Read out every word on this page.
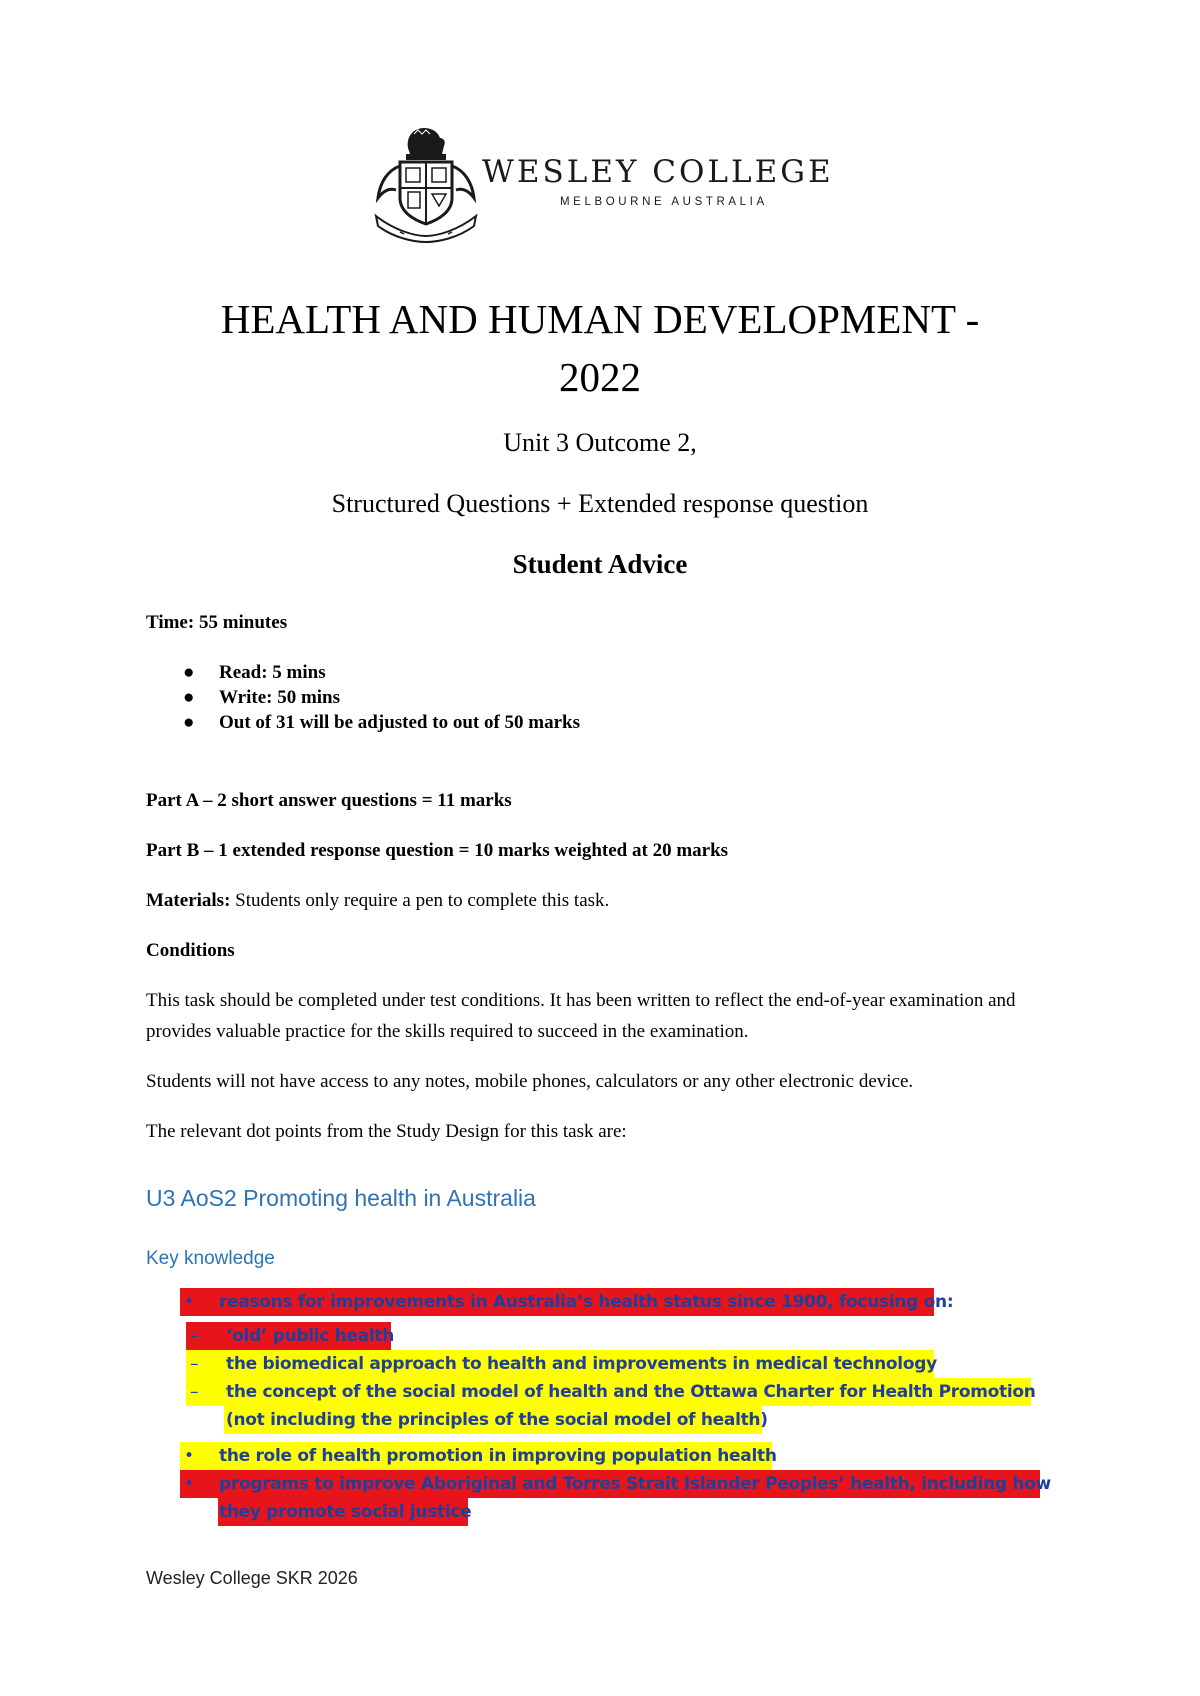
WESLEY COLLEGE
MELBOURNE AUSTRALIA
HEALTH AND HUMAN DEVELOPMENT -
2022
Unit 3 Outcome 2,
Structured Questions + Extended response question
Student Advice
Time: 55 minutes
● Read: 5 mins
● Write: 50 mins
● Out of 31 will be adjusted to out of 50 marks
Part A – 2 short answer questions = 11 marks
Part B – 1 extended response question = 10 marks weighted at 20 marks
Materials: Students only require a pen to complete this task.
Conditions
This task should be completed under test conditions. It has been written to reflect the end-of-year examination and provides valuable practice for the skills required to succeed in the examination.
Students will not have access to any notes, mobile phones, calculators or any other electronic device.
The relevant dot points from the Study Design for this task are:
U3 AoS2 Promoting health in Australia
Key knowledge
• reasons for improvements in Australia’s health status since 1900, focusing on:
– ‘old’ public health
– the biomedical approach to health and improvements in medical technology
– the concept of the social model of health and the Ottawa Charter for Health Promotion
(not including the principles of the social model of health)
• the role of health promotion in improving population health
• programs to improve Aboriginal and Torres Strait Islander Peoples’ health, including how
they promote social justice
Wesley College SKR 2026
